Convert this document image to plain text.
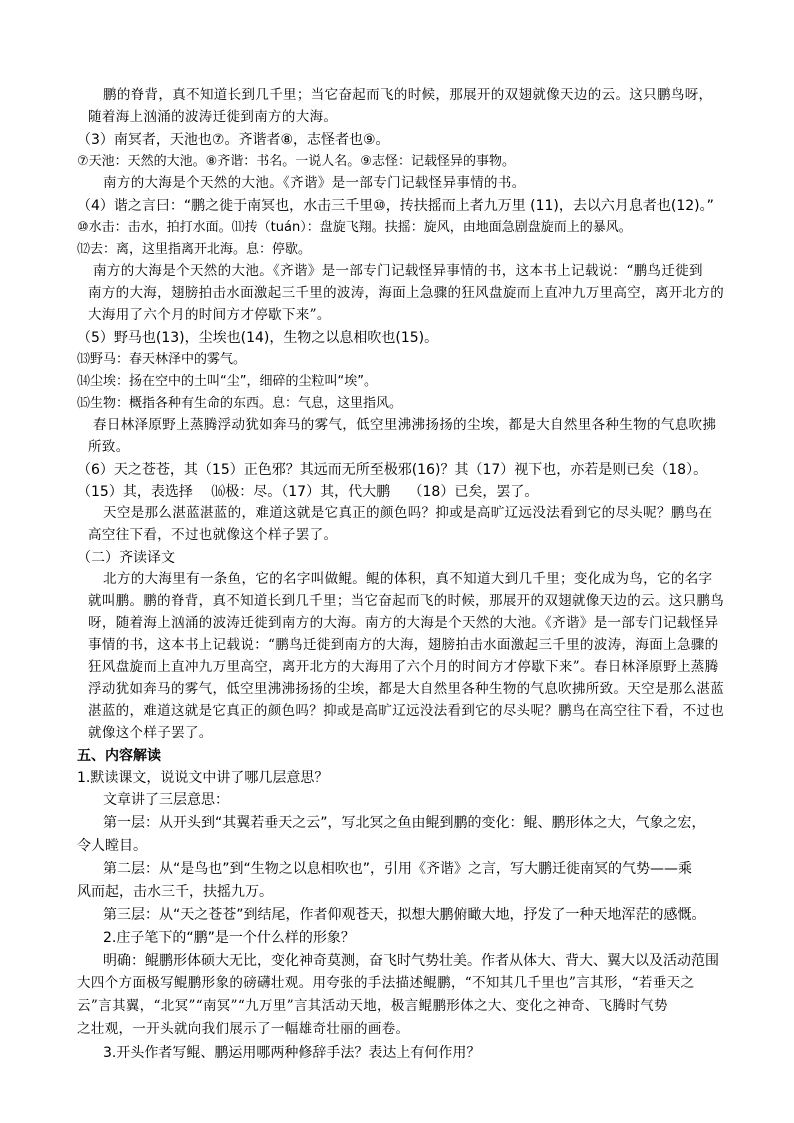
鹏的脊背，真不知道长到几千里；当它奋起而飞的时候，那展开的双翅就像天边的云。这只鹏鸟呀，
随着海上汹涌的波涛迁徙到南方的大海。
（3）南冥者，天池也⑦。齐谐者⑧，志怪者也⑨。
⑦天池：天然的大池。⑧齐谐：书名。一说人名。⑨志怪：记载怪异的事物。
南方的大海是个天然的大池。《齐谐》是一部专门记载怪异事情的书。
（4）谐之言曰：“鹏之徙于南冥也，水击三千里⑩，抟扶摇而上者九万里 (11)，去以六月息者也(12)。”
⑩水击：击水，拍打水面。⑾抟（tuán）：盘旋飞翔。扶摇：旋风，由地面急剧盘旋而上的暴风。
⑿去：离，这里指离开北海。息：停歇。
南方的大海是个天然的大池。《齐谐》是一部专门记载怪异事情的书，这本书上记载说：“鹏鸟迁徙到
南方的大海，翅膀拍击水面激起三千里的波涛，海面上急骤的狂风盘旋而上直冲九万里高空，离开北方的
大海用了六个月的时间方才停歇下来”。
（5）野马也(13)，尘埃也(14)，生物之以息相吹也(15)。
⒀野马：春天林泽中的雾气。
⒁尘埃：扬在空中的土叫“尘”，细碎的尘粒叫“埃”。
⒂生物：概指各种有生命的东西。息：气息，这里指风。
春日林泽原野上蒸腾浮动犹如奔马的雾气，低空里沸沸扬扬的尘埃，都是大自然里各种生物的气息吹拂
所致。
（6）天之苍苍，其（15）正色邪？其远而无所至极邪(16)？其（17）视下也，亦若是则已矣（18）。
（15）其，表选择　 ⒃极：尽。（17）其，代大鹏　 （18）已矣，罢了。
天空是那么湛蓝湛蓝的，难道这就是它真正的颜色吗？抑或是高旷辽远没法看到它的尽头呢？鹏鸟在
高空往下看，不过也就像这个样子罢了。
（二）齐读译文
北方的大海里有一条鱼，它的名字叫做鲲。鲲的体积，真不知道大到几千里；变化成为鸟，它的名字
就叫鹏。鹏的脊背，真不知道长到几千里；当它奋起而飞的时候，那展开的双翅就像天边的云。这只鹏鸟
呀，随着海上汹涌的波涛迁徙到南方的大海。南方的大海是个天然的大池。《齐谐》是一部专门记载怪异
事情的书，这本书上记载说：“鹏鸟迁徙到南方的大海，翅膀拍击水面激起三千里的波涛，海面上急骤的
狂风盘旋而上直冲九万里高空，离开北方的大海用了六个月的时间方才停歇下来”。春日林泽原野上蒸腾
浮动犹如奔马的雾气，低空里沸沸扬扬的尘埃，都是大自然里各种生物的气息吹拂所致。天空是那么湛蓝
湛蓝的，难道这就是它真正的颜色吗？抑或是高旷辽远没法看到它的尽头呢？鹏鸟在高空往下看，不过也
就像这个样子罢了。
五、内容解读
1.默读课文，说说文中讲了哪几层意思？
文章讲了三层意思：
第一层：从开头到“其翼若垂天之云”，写北冥之鱼由鲲到鹏的变化：鲲、鹏形体之大，气象之宏，
令人瞠目。
第二层：从“是鸟也”到“生物之以息相吹也”，引用《齐谐》之言，写大鹏迁徙南冥的气势——乘
风而起，击水三千，扶摇九万。
第三层：从“天之苍苍”到结尾，作者仰观苍天，拟想大鹏俯瞰大地，抒发了一种天地浑茫的感慨。
2.庄子笔下的“鹏”是一个什么样的形象？
明确：鲲鹏形体硕大无比，变化神奇莫测，奋飞时气势壮美。作者从体大、背大、翼大以及活动范围
大四个方面极写鲲鹏形象的磅礴壮观。用夸张的手法描述鲲鹏，“不知其几千里也”言其形，“若垂天之
云”言其翼，“北冥”“南冥”“九万里”言其活动天地，极言鲲鹏形体之大、变化之神奇、飞腾时气势
之壮观，一开头就向我们展示了一幅雄奇壮丽的画卷。
3.开头作者写鲲、鹏运用哪两种修辞手法？表达上有何作用？
